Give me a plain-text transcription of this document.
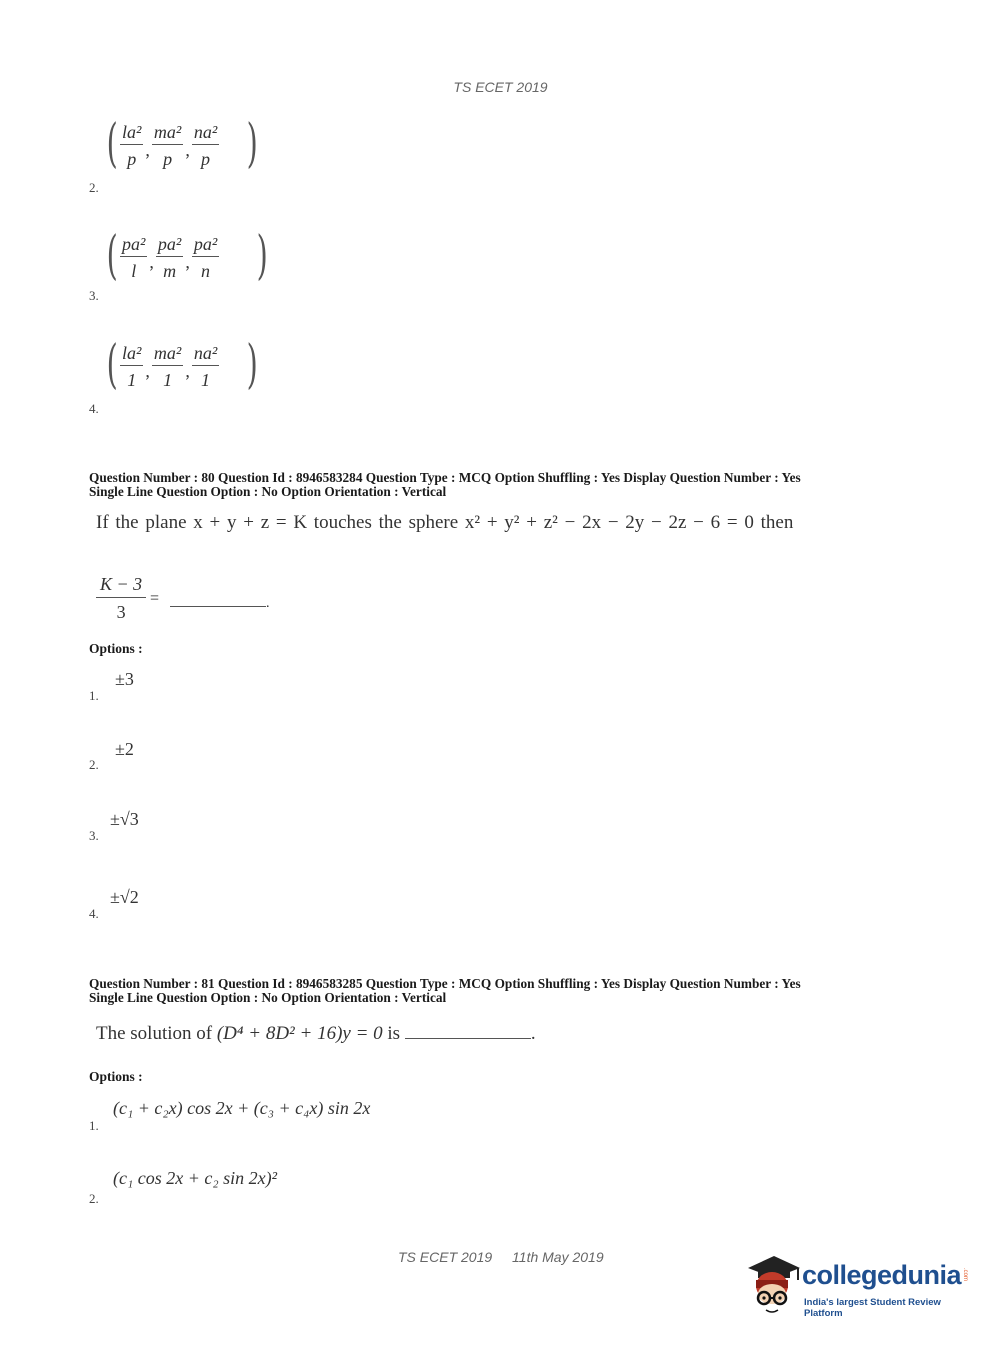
TS ECET 2019
( $\frac{\text{la²}}{p}$ , $\frac{\text{ma²}}{p}$ , $\frac{\text{na²}}{p}$ )
2.
( $\frac{\text{pa²}}{l}$ , $\frac{\text{pa²}}{m}$ , $\frac{\text{pa²}}{n}$ )
3.
( $\frac{\text{la²}}{1}$ , $\frac{\text{ma²}}{1}$ , $\frac{\text{na²}}{1}$ )
4.
Question Number : 80 Question Id : 8946583284 Question Type : MCQ Option Shuffling : Yes Display Question Number : Yes
Single Line Question Option : No Option Orientation : Vertical
If the plane x + y + z = K touches the sphere x² + y² + z² − 2x − 2y − 2z − 6 = 0 then
$\frac{K - 3}{3}$ =	.
Options :
±3
1.
±2
2.
±√3
3.
±√2
4.
Question Number : 81 Question Id : 8946583285 Question Type : MCQ Option Shuffling : Yes Display Question Number : Yes
Single Line Question Option : No Option Orientation : Vertical
The solution of (D⁴ + 8D² + 16)y = 0 is	.
Options :
(c₁ + c₂x) cos 2x + (c₃ + c₄x) sin 2x
1.
(c₁ cos 2x + c₂ sin 2x)²
2.
TS ECET 2019 11th May 2019
collegedunia .com
India's largest Student Review Platform
